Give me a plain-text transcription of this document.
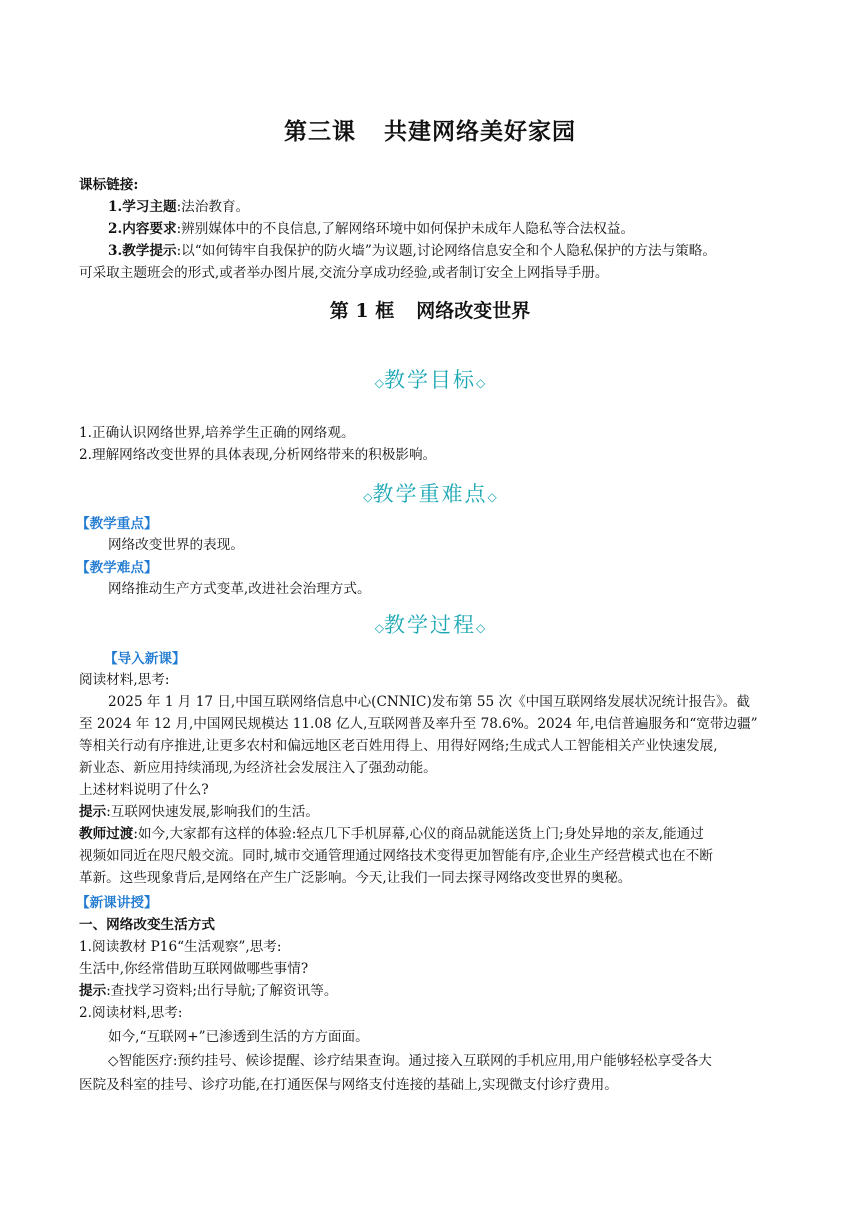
第三课 共建网络美好家园
课标链接:
1.学习主题:法治教育。
2.内容要求:辨别媒体中的不良信息,了解网络环境中如何保护未成年人隐私等合法权益。
3.教学提示:以“如何铸牢自我保护的防火墙”为议题,讨论网络信息安全和个人隐私保护的方法与策略。
可采取主题班会的形式,或者举办图片展,交流分享成功经验,或者制订安全上网指导手册。
第 1 框 网络改变世界
◇教学目标◇
1.正确认识网络世界,培养学生正确的网络观。
2.理解网络改变世界的具体表现,分析网络带来的积极影响。
◇教学重难点◇
【教学重点】
网络改变世界的表现。
【教学难点】
网络推动生产方式变革,改进社会治理方式。
◇教学过程◇
【导入新课】
阅读材料,思考:
2025 年 1 月 17 日,中国互联网络信息中心(CNNIC)发布第 55 次《中国互联网络发展状况统计报告》。截
至 2024 年 12 月,中国网民规模达 11.08 亿人,互联网普及率升至 78.6%。2024 年,电信普遍服务和“宽带边疆”
等相关行动有序推进,让更多农村和偏远地区老百姓用得上、用得好网络;生成式人工智能相关产业快速发展,
新业态、新应用持续涌现,为经济社会发展注入了强劲动能。
上述材料说明了什么?
提示:互联网快速发展,影响我们的生活。
教师过渡:如今,大家都有这样的体验:轻点几下手机屏幕,心仪的商品就能送货上门;身处异地的亲友,能通过
视频如同近在咫尺般交流。同时,城市交通管理通过网络技术变得更加智能有序,企业生产经营模式也在不断
革新。这些现象背后,是网络在产生广泛影响。今天,让我们一同去探寻网络改变世界的奥秘。
【新课讲授】
一、网络改变生活方式
1.阅读教材 P16“生活观察”,思考:
生活中,你经常借助互联网做哪些事情?
提示:查找学习资料;出行导航;了解资讯等。
2.阅读材料,思考:
如今,“互联网+”已渗透到生活的方方面面。
◇智能医疗:预约挂号、候诊提醒、诊疗结果查询。通过接入互联网的手机应用,用户能够轻松享受各大
医院及科室的挂号、诊疗功能,在打通医保与网络支付连接的基础上,实现微支付诊疗费用。
